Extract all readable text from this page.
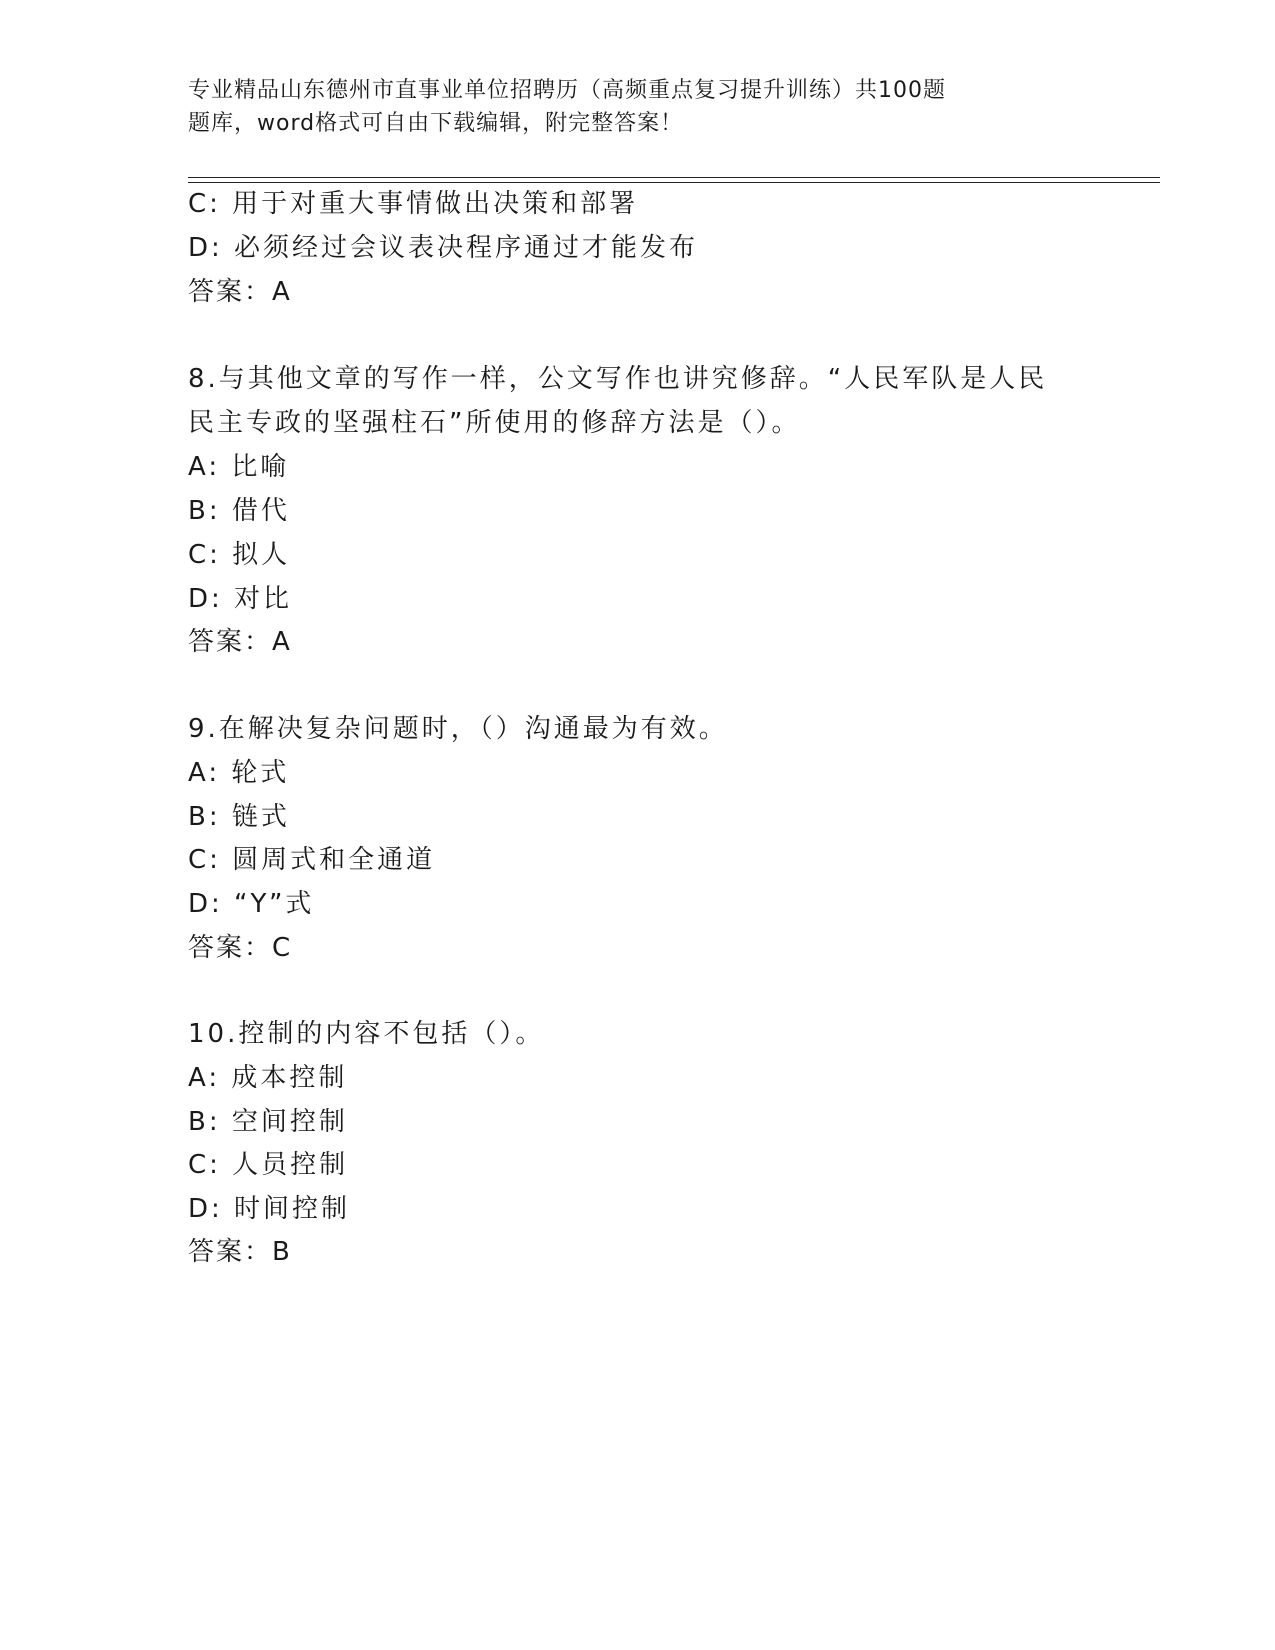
专业精品山东德州市直事业单位招聘历（高频重点复习提升训练）共100题
题库，word格式可自由下载编辑，附完整答案！
C: 用于对重大事情做出决策和部署
D: 必须经过会议表决程序通过才能发布
答案：A
8.与其他文章的写作一样，公文写作也讲究修辞。“人民军队是人民
民主专政的坚强柱石”所使用的修辞方法是（）。
A: 比喻
B: 借代
C: 拟人
D: 对比
答案：A
9.在解决复杂问题时，（）沟通最为有效。
A: 轮式
B: 链式
C: 圆周式和全通道
D: “Y”式
答案：C
10.控制的内容不包括（）。
A: 成本控制
B: 空间控制
C: 人员控制
D: 时间控制
答案：B
